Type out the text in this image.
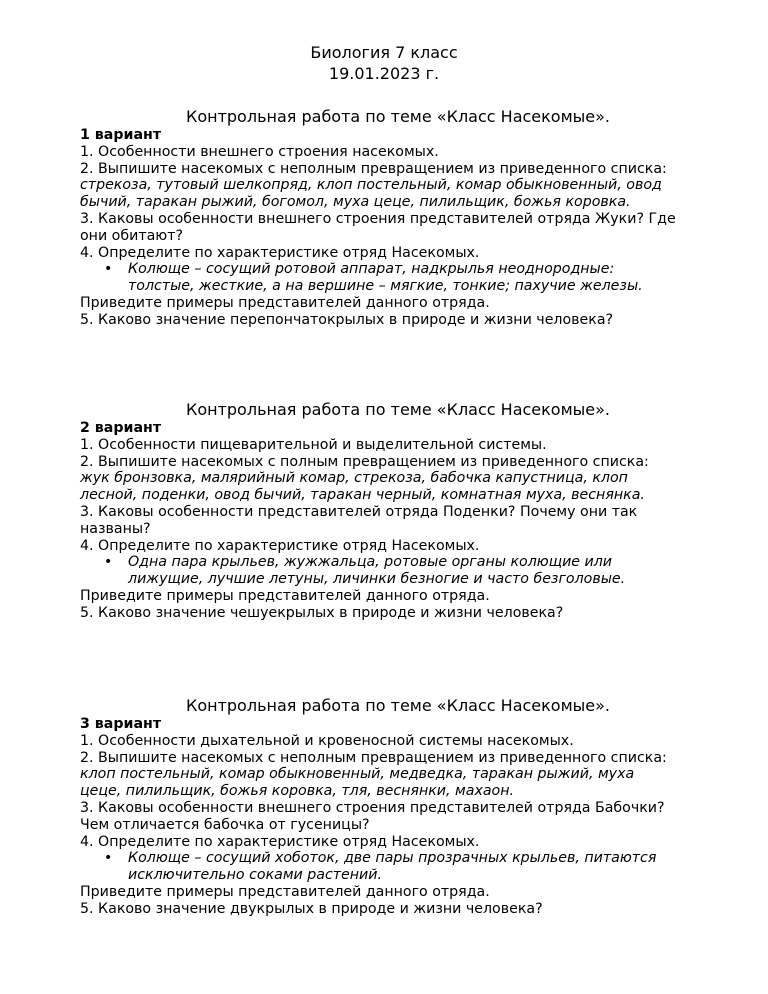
Биология 7 класс
19.01.2023 г.
Контрольная работа по теме «Класс Насекомые».
1 вариант
1. Особенности внешнего строения насекомых.
2. Выпишите насекомых с неполным превращением из приведенного списка:
стрекоза, тутовый шелкопряд, клоп постельный, комар обыкновенный, овод
бычий, таракан рыжий, богомол, муха цеце, пилильщик, божья коровка.
3. Каковы особенности внешнего строения представителей отряда Жуки? Где
они обитают?
4. Определите по характеристике отряд Насекомых.
• Колюще – сосущий ротовой аппарат, надкрылья неоднородные:
толстые, жесткие, а на вершине – мягкие, тонкие; пахучие железы.
Приведите примеры представителей данного отряда.
5. Каково значение перепончатокрылых в природе и жизни человека?
Контрольная работа по теме «Класс Насекомые».
2 вариант
1. Особенности пищеварительной и выделительной системы.
2. Выпишите насекомых с полным превращением из приведенного списка:
жук бронзовка, малярийный комар, стрекоза, бабочка капустница, клоп
лесной, поденки, овод бычий, таракан черный, комнатная муха, веснянка.
3. Каковы особенности представителей отряда Поденки? Почему они так
названы?
4. Определите по характеристике отряд Насекомых.
• Одна пара крыльев, жужжальца, ротовые органы колющие или
лижущие, лучшие летуны, личинки безногие и часто безголовые.
Приведите примеры представителей данного отряда.
5. Каково значение чешуекрылых в природе и жизни человека?
Контрольная работа по теме «Класс Насекомые».
3 вариант
1. Особенности дыхательной и кровеносной системы насекомых.
2. Выпишите насекомых с неполным превращением из приведенного списка:
клоп постельный, комар обыкновенный, медведка, таракан рыжий, муха
цеце, пилильщик, божья коровка, тля, веснянки, махаон.
3. Каковы особенности внешнего строения представителей отряда Бабочки?
Чем отличается бабочка от гусеницы?
4. Определите по характеристике отряд Насекомых.
• Колюще – сосущий хоботок, две пары прозрачных крыльев, питаются
исключительно соками растений.
Приведите примеры представителей данного отряда.
5. Каково значение двукрылых в природе и жизни человека?
